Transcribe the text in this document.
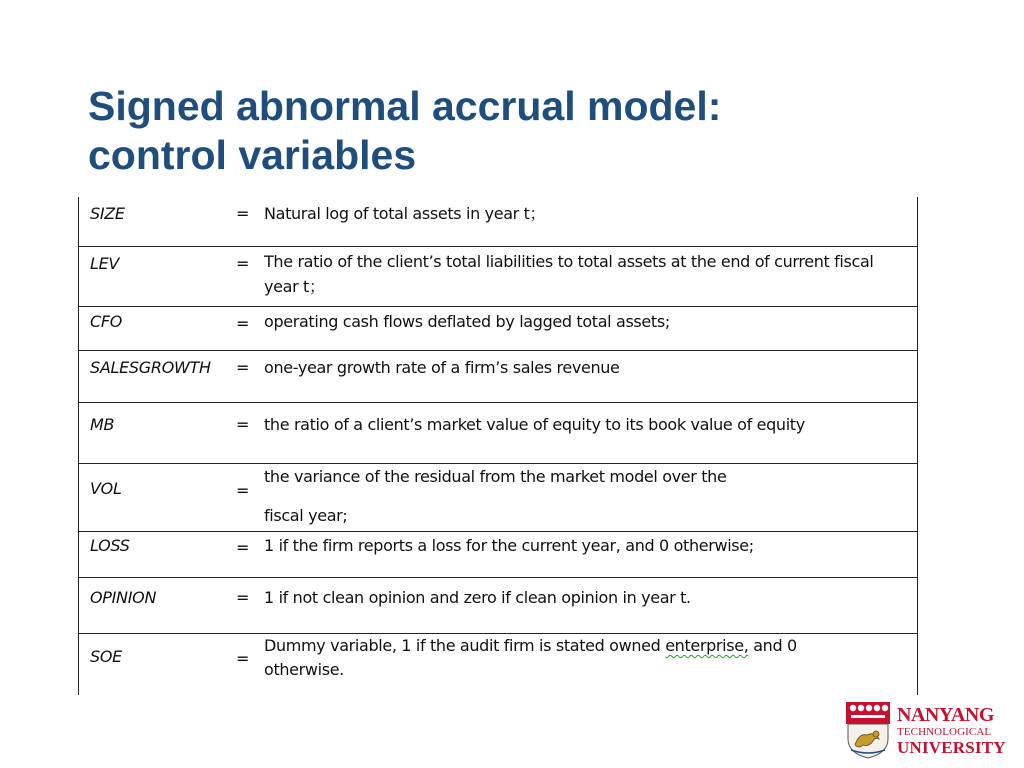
Signed abnormal accrual model:
control variables
SIZE	= Natural log of total assets in year t；
LEV	= The ratio of the client’s total liabilities to total assets at the end of current fiscal
year t；
CFO	= operating cash flows deflated by lagged total assets;
SALESGROWTH = one-year growth rate of a firm’s sales revenue
MB	= the ratio of a client’s market value of equity to its book value of equity
VOL	=
the variance of the residual from the market model over the
fiscal year;
LOSS	= 1 if the firm reports a loss for the current year, and 0 otherwise;
OPINION	= 1 if not clean opinion and zero if clean opinion in year t.
SOE	=
Dummy variable, 1 if the audit firm is stated owned enterprise, and 0
otherwise.
NANYANG
TECHNOLOGICAL
UNIVERSITY
